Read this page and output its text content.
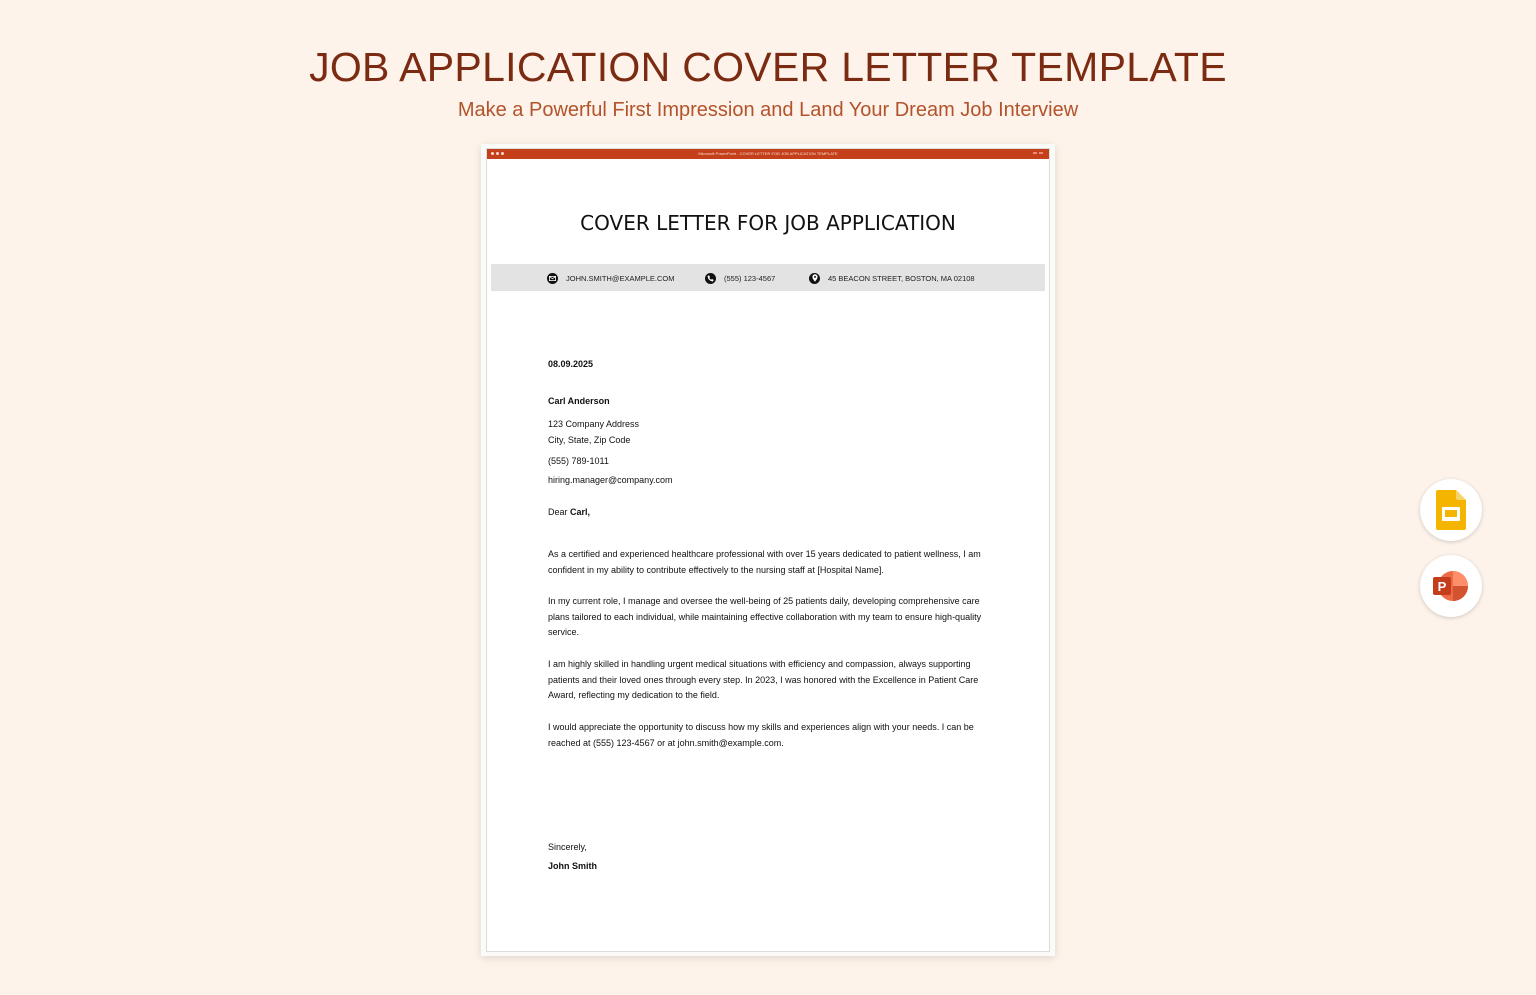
JOB APPLICATION COVER LETTER TEMPLATE
Make a Powerful First Impression and Land Your Dream Job Interview
Microsoft PowerPoint - COVER LETTER FOR JOB APPLICATION TEMPLATE
COVER LETTER FOR JOB APPLICATION
JOHN.SMITH@EXAMPLE.COM	(555) 123-4567	45 BEACON STREET, BOSTON, MA 02108
08.09.2025
Carl Anderson
123 Company Address
City, State, Zip Code
(555) 789-1011
hiring.manager@company.com
Dear Carl,
As a certified and experienced healthcare professional with over 15 years dedicated to patient wellness, I am confident in my ability to contribute effectively to the nursing staff at [Hospital Name].
In my current role, I manage and oversee the well-being of 25 patients daily, developing comprehensive care plans tailored to each individual, while maintaining effective collaboration with my team to ensure high-quality service.
I am highly skilled in handling urgent medical situations with efficiency and compassion, always supporting patients and their loved ones through every step. In 2023, I was honored with the Excellence in Patient Care Award, reflecting my dedication to the field.
I would appreciate the opportunity to discuss how my skills and experiences align with your needs. I can be reached at (555) 123-4567 or at john.smith@example.com.
Sincerely,
John Smith
P
